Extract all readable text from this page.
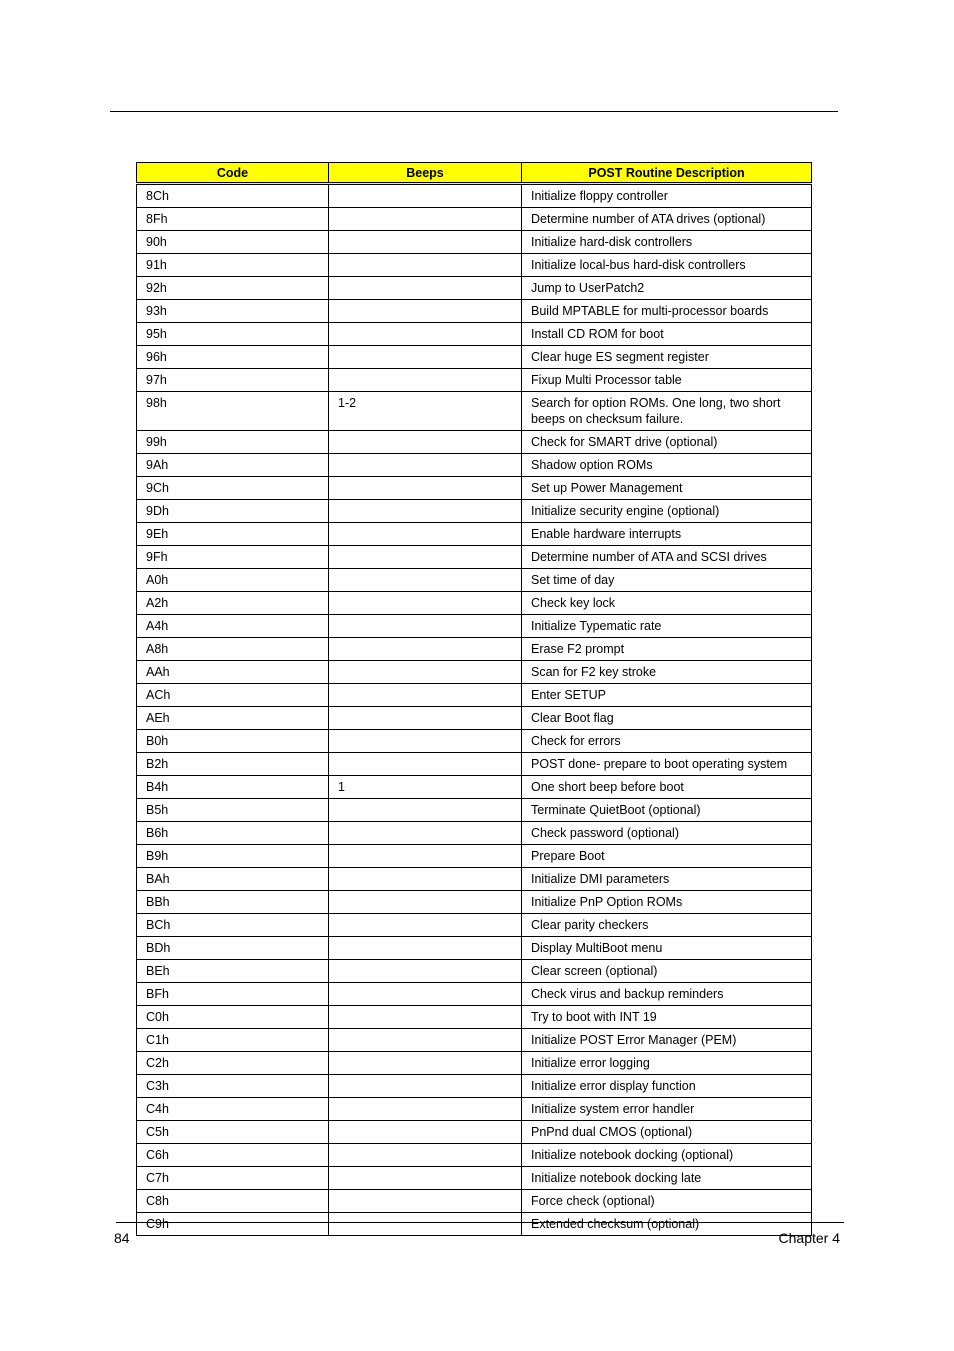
Code	Beeps	POST Routine Description
8Ch		Initialize floppy controller
8Fh		Determine number of ATA drives (optional)
90h		Initialize hard-disk controllers
91h		Initialize local-bus hard-disk controllers
92h		Jump to UserPatch2
93h		Build MPTABLE for multi-processor boards
95h		Install CD ROM for boot
96h		Clear huge ES segment register
97h		Fixup Multi Processor table
98h	1-2	Search for option ROMs. One long, two short beeps on checksum failure.
99h		Check for SMART drive (optional)
9Ah		Shadow option ROMs
9Ch		Set up Power Management
9Dh		Initialize security engine (optional)
9Eh		Enable hardware interrupts
9Fh		Determine number of ATA and SCSI drives
A0h		Set time of day
A2h		Check key lock
A4h		Initialize Typematic rate
A8h		Erase F2 prompt
AAh		Scan for F2 key stroke
ACh		Enter SETUP
AEh		Clear Boot flag
B0h		Check for errors
B2h		POST done- prepare to boot operating system
B4h	1	One short beep before boot
B5h		Terminate QuietBoot (optional)
B6h		Check password (optional)
B9h		Prepare Boot
BAh		Initialize DMI parameters
BBh		Initialize PnP Option ROMs
BCh		Clear parity checkers
BDh		Display MultiBoot menu
BEh		Clear screen (optional)
BFh		Check virus and backup reminders
C0h		Try to boot with INT 19
C1h		Initialize POST Error Manager (PEM)
C2h		Initialize error logging
C3h		Initialize error display function
C4h		Initialize system error handler
C5h		PnPnd dual CMOS (optional)
C6h		Initialize notebook docking (optional)
C7h		Initialize notebook docking late
C8h		Force check (optional)
C9h		Extended checksum (optional)
84	Chapter 4
